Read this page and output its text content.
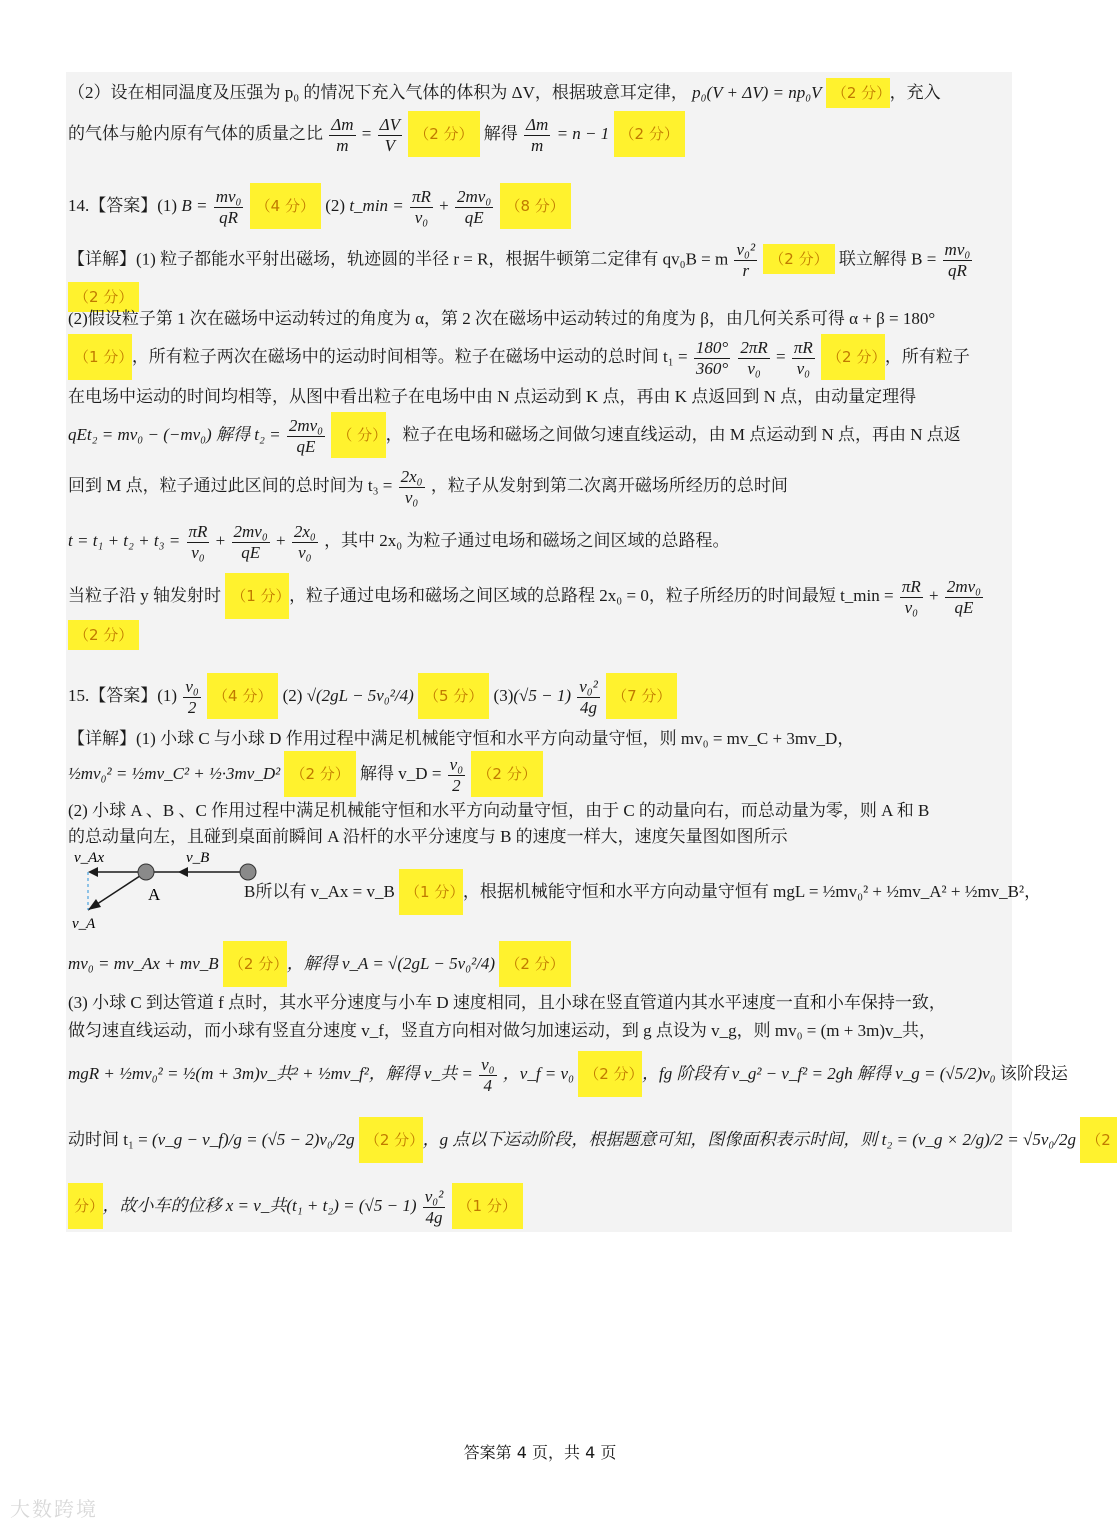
（2）设在相同温度及压强为 p₀ 的情况下充入气体的体积为 ΔV，根据玻意耳定律， p₀(V + ΔV) = np₀V （2 分） ，充入
的气体与舱内原有气体的质量之比 $\frac{\Delta m}{m} = \frac{\Delta V}{V} (2$ 分） 解得 $\frac{\Delta m}{m} = n - 1$ （2 分）
14.【答案】(1) $B = \frac{\text{mv₀}}{qR} (4$ 分） (2) t_min = $\frac{\pi R}{\text{v₀}} + \frac{\text{2mv₀}}{qE} (8$ 分）
【详解】(1) 粒子都能水平射出磁场，轨迹圆的半径 r = R，根据牛顿第二定律有 qv₀B = m $\frac{\text{v₀²}}{r} (2$ 分） 联立解得 $B = \frac{\text{mv₀}}{qR}$
（2 分）
(2)假设粒子第 1 次在磁场中运动转过的角度为 α，第 2 次在磁场中运动转过的角度为 β，由几何关系可得 α + β = 180°
（1 分） ，所有粒子两次在磁场中的运动时间相等。粒子在磁场中运动的总时间 $t_1 = \frac{180^\circ}{360^\circ}$
$\frac{2\pi R}{\text{v₀}} = \frac{\pi R}{\text{v₀}} (2$ 分） ，所有粒子
在电场中运动的时间均相等，从图中看出粒子在电场中由 N 点运动到 K 点，再由 K 点返回到 N 点，由动量定理得
qEt₂ = mv₀ − (−mv₀) 解得 $t_2 = \frac{\text{2mv₀}}{qE}$ （ 分） ，粒子在电场和磁场之间做匀速直线运动，由 M 点运动到 N 点，再由 N 点返
回到 M 点，粒子通过此区间的总时间为 $t_3 = \frac{\text{2x₀}}{\text{v₀}}$ ，粒子从发射到第二次离开磁场所经历的总时间
$t = t_1 + t_2 + t_3 = \frac{\pi R}{\text{v₀}} + \frac{\text{2mv₀}}{qE} + \frac{\text{2x₀}}{\text{v₀}}$ ，其中 2x₀ 为粒子通过电场和磁场之间区域的总路程。
当粒子沿 y 轴发射时 （1 分） ，粒子通过电场和磁场之间区域的总路程 2x₀ = 0，粒子所经历的时间最短 t_min = $\frac{\pi R}{\text{v₀}} + \frac{\text{2mv₀}}{qE}$
（2 分）
15.【答案】$(1) \frac{\text{v₀}}{2} (4$ 分） (2) √(2gL − 5v₀²/4) （5 分） $(3)(√5 - 1) \frac{\text{v₀²}}{4g} (7$ 分）
【详解】(1) 小球 C 与小球 D 作用过程中满足机械能守恒和水平方向动量守恒，则 mv₀ = mv_C + 3mv_D，
½mv₀² = ½mv_C² + ½·3mv_D² （2 分） 解得 v_D = $\frac{\text{v₀}}{2} (2$ 分）
(2) 小球 A 、B 、C 作用过程中满足机械能守恒和水平方向动量守恒，由于 C 的动量向右，而总动量为零，则 A 和 B
的总动量向左，且碰到桌面前瞬间 A 沿杆的水平分速度与 B 的速度一样大，速度矢量图如图所示
v_Ax	v_B
A
v_A
B所以有 v_Ax = v_B （1 分） ，根据机械能守恒和水平方向动量守恒有 mgL = ½mv₀² + ½mv_A² + ½mv_B²，
mv₀ = mv_Ax + mv_B （2 分） ，解得 v_A = √(2gL − 5v₀²/4) （2 分）
(3) 小球 C 到达管道 f 点时，其水平分速度与小车 D 速度相同，且小球在竖直管道内其水平速度一直和小车保持一致，
做匀速直线运动，而小球有竖直分速度 v_f，竖直方向相对做匀加速运动，到 g 点设为 v_g，则 mv₀ = (m + 3m)v_共，
mgR + ½mv₀² = ½(m + 3m)v_共² + ½mv_f²，解得 v_共 = $\frac{\text{v₀}}{4}$ ，v_f = v₀ （2 分） ，fg 阶段有 v_g² − v_f² = 2gh 解得 v_g = (√5/2)v₀ 该阶段运
动时间 t₁ = (v_g − v_f)/g = (√5 − 2)v₀/2g （2 分） ，g 点以下运动阶段，根据题意可知，图像面积表示时间，则 t₂ = (v_g × 2/g)/2 = √5v₀/2g （2
分） ，故小车的位移 x = v_共$(t_1 + t_2) = (√5 - 1) \frac{\text{v₀²}}{4g} (1$ 分）
答案第 4 页，共 4 页
大数跨境
